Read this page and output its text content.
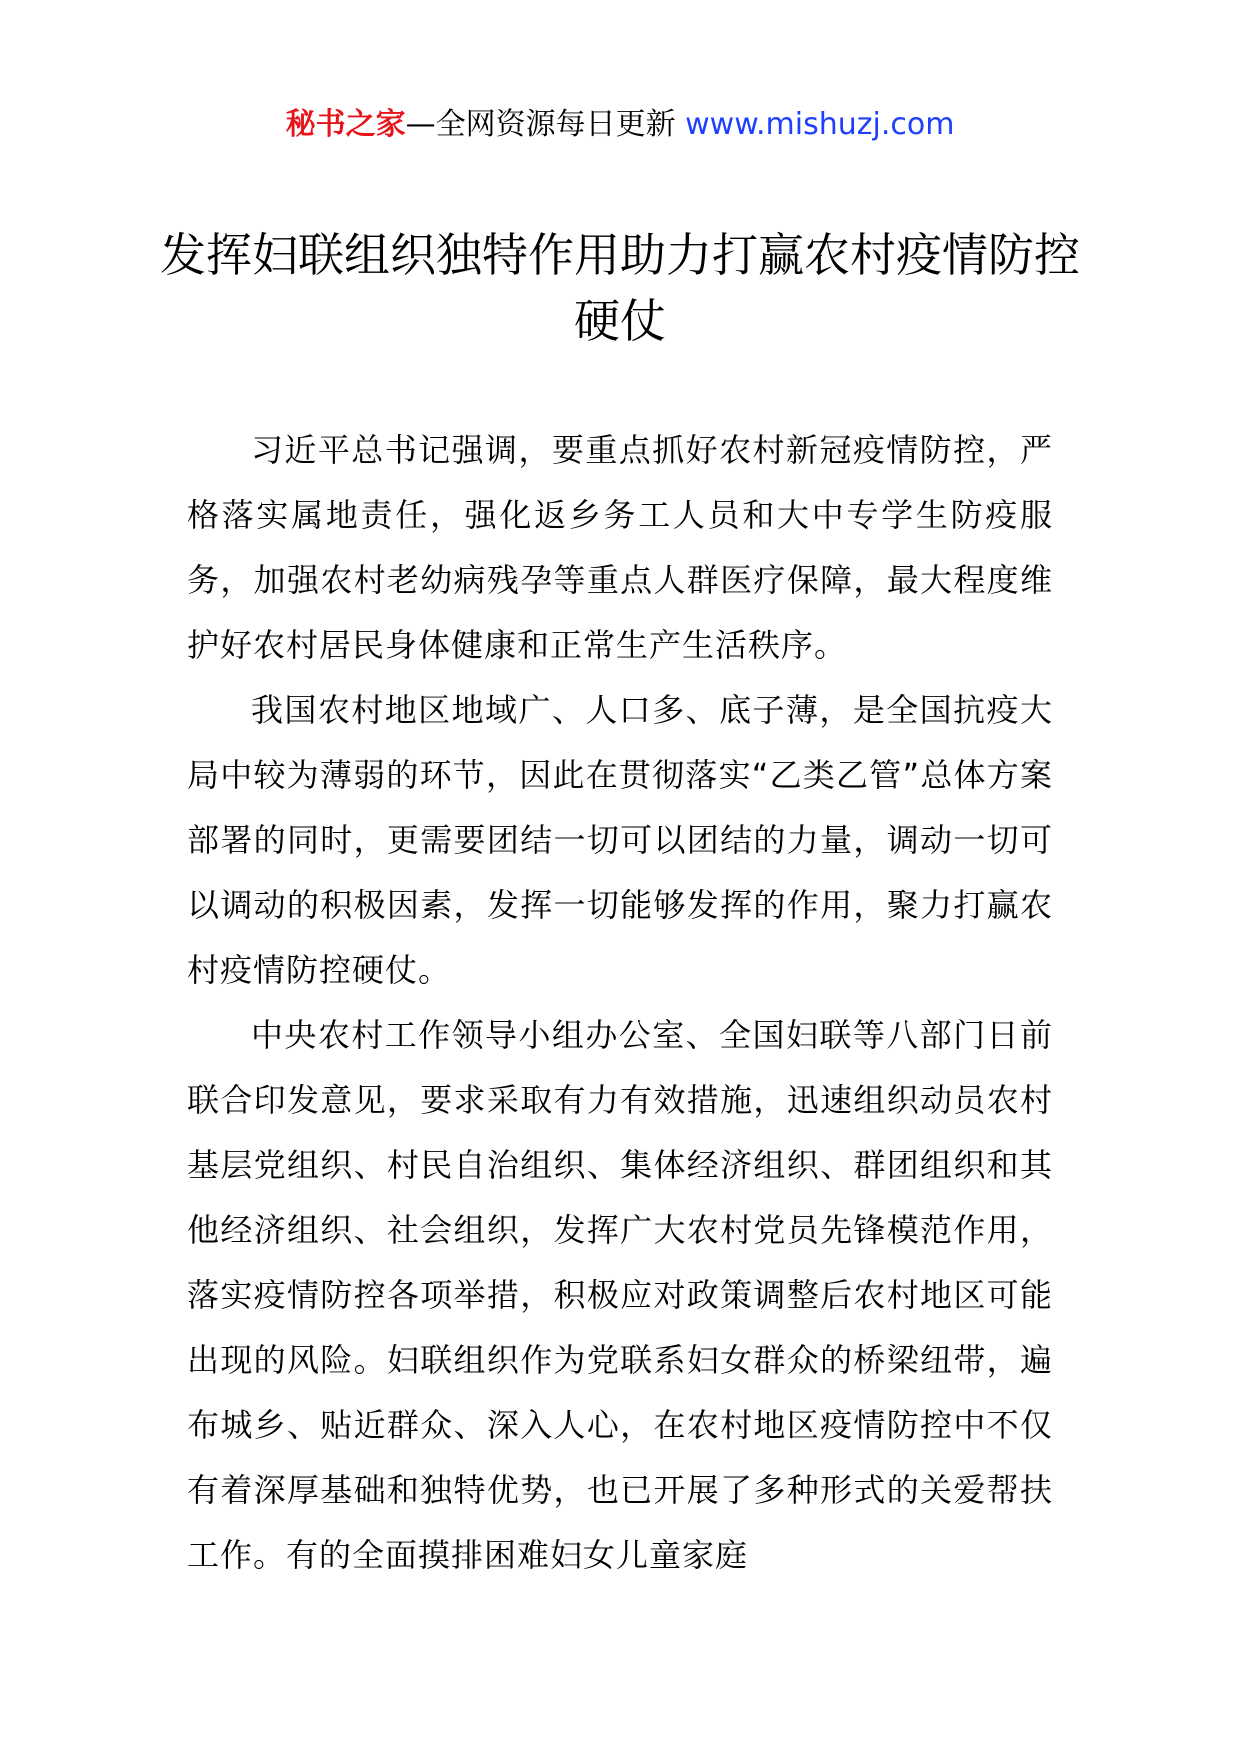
秘书之家—全网资源每日更新 www.mishuzj.com
发挥妇联组织独特作用助力打赢农村疫情防控硬仗

习近平总书记强调，要重点抓好农村新冠疫情防控，严格落实属地责任，强化返乡务工人员和大中专学生防疫服务，加强农村老幼病残孕等重点人群医疗保障，最大程度维护好农村居民身体健康和正常生产生活秩序。

我国农村地区地域广、人口多、底子薄，是全国抗疫大局中较为薄弱的环节，因此在贯彻落实“乙类乙管”总体方案部署的同时，更需要团结一切可以团结的力量，调动一切可以调动的积极因素，发挥一切能够发挥的作用，聚力打赢农村疫情防控硬仗。

中央农村工作领导小组办公室、全国妇联等八部门日前联合印发意见，要求采取有力有效措施，迅速组织动员农村基层党组织、村民自治组织、集体经济组织、群团组织和其他经济组织、社会组织，发挥广大农村党员先锋模范作用，落实疫情防控各项举措，积极应对政策调整后农村地区可能出现的风险。妇联组织作为党联系妇女群众的桥梁纽带，遍布城乡、贴近群众、深入人心，在农村地区疫情防控中不仅有着深厚基础和独特优势，也已开展了多种形式的关爱帮扶工作。有的全面摸排困难妇女儿童家庭
